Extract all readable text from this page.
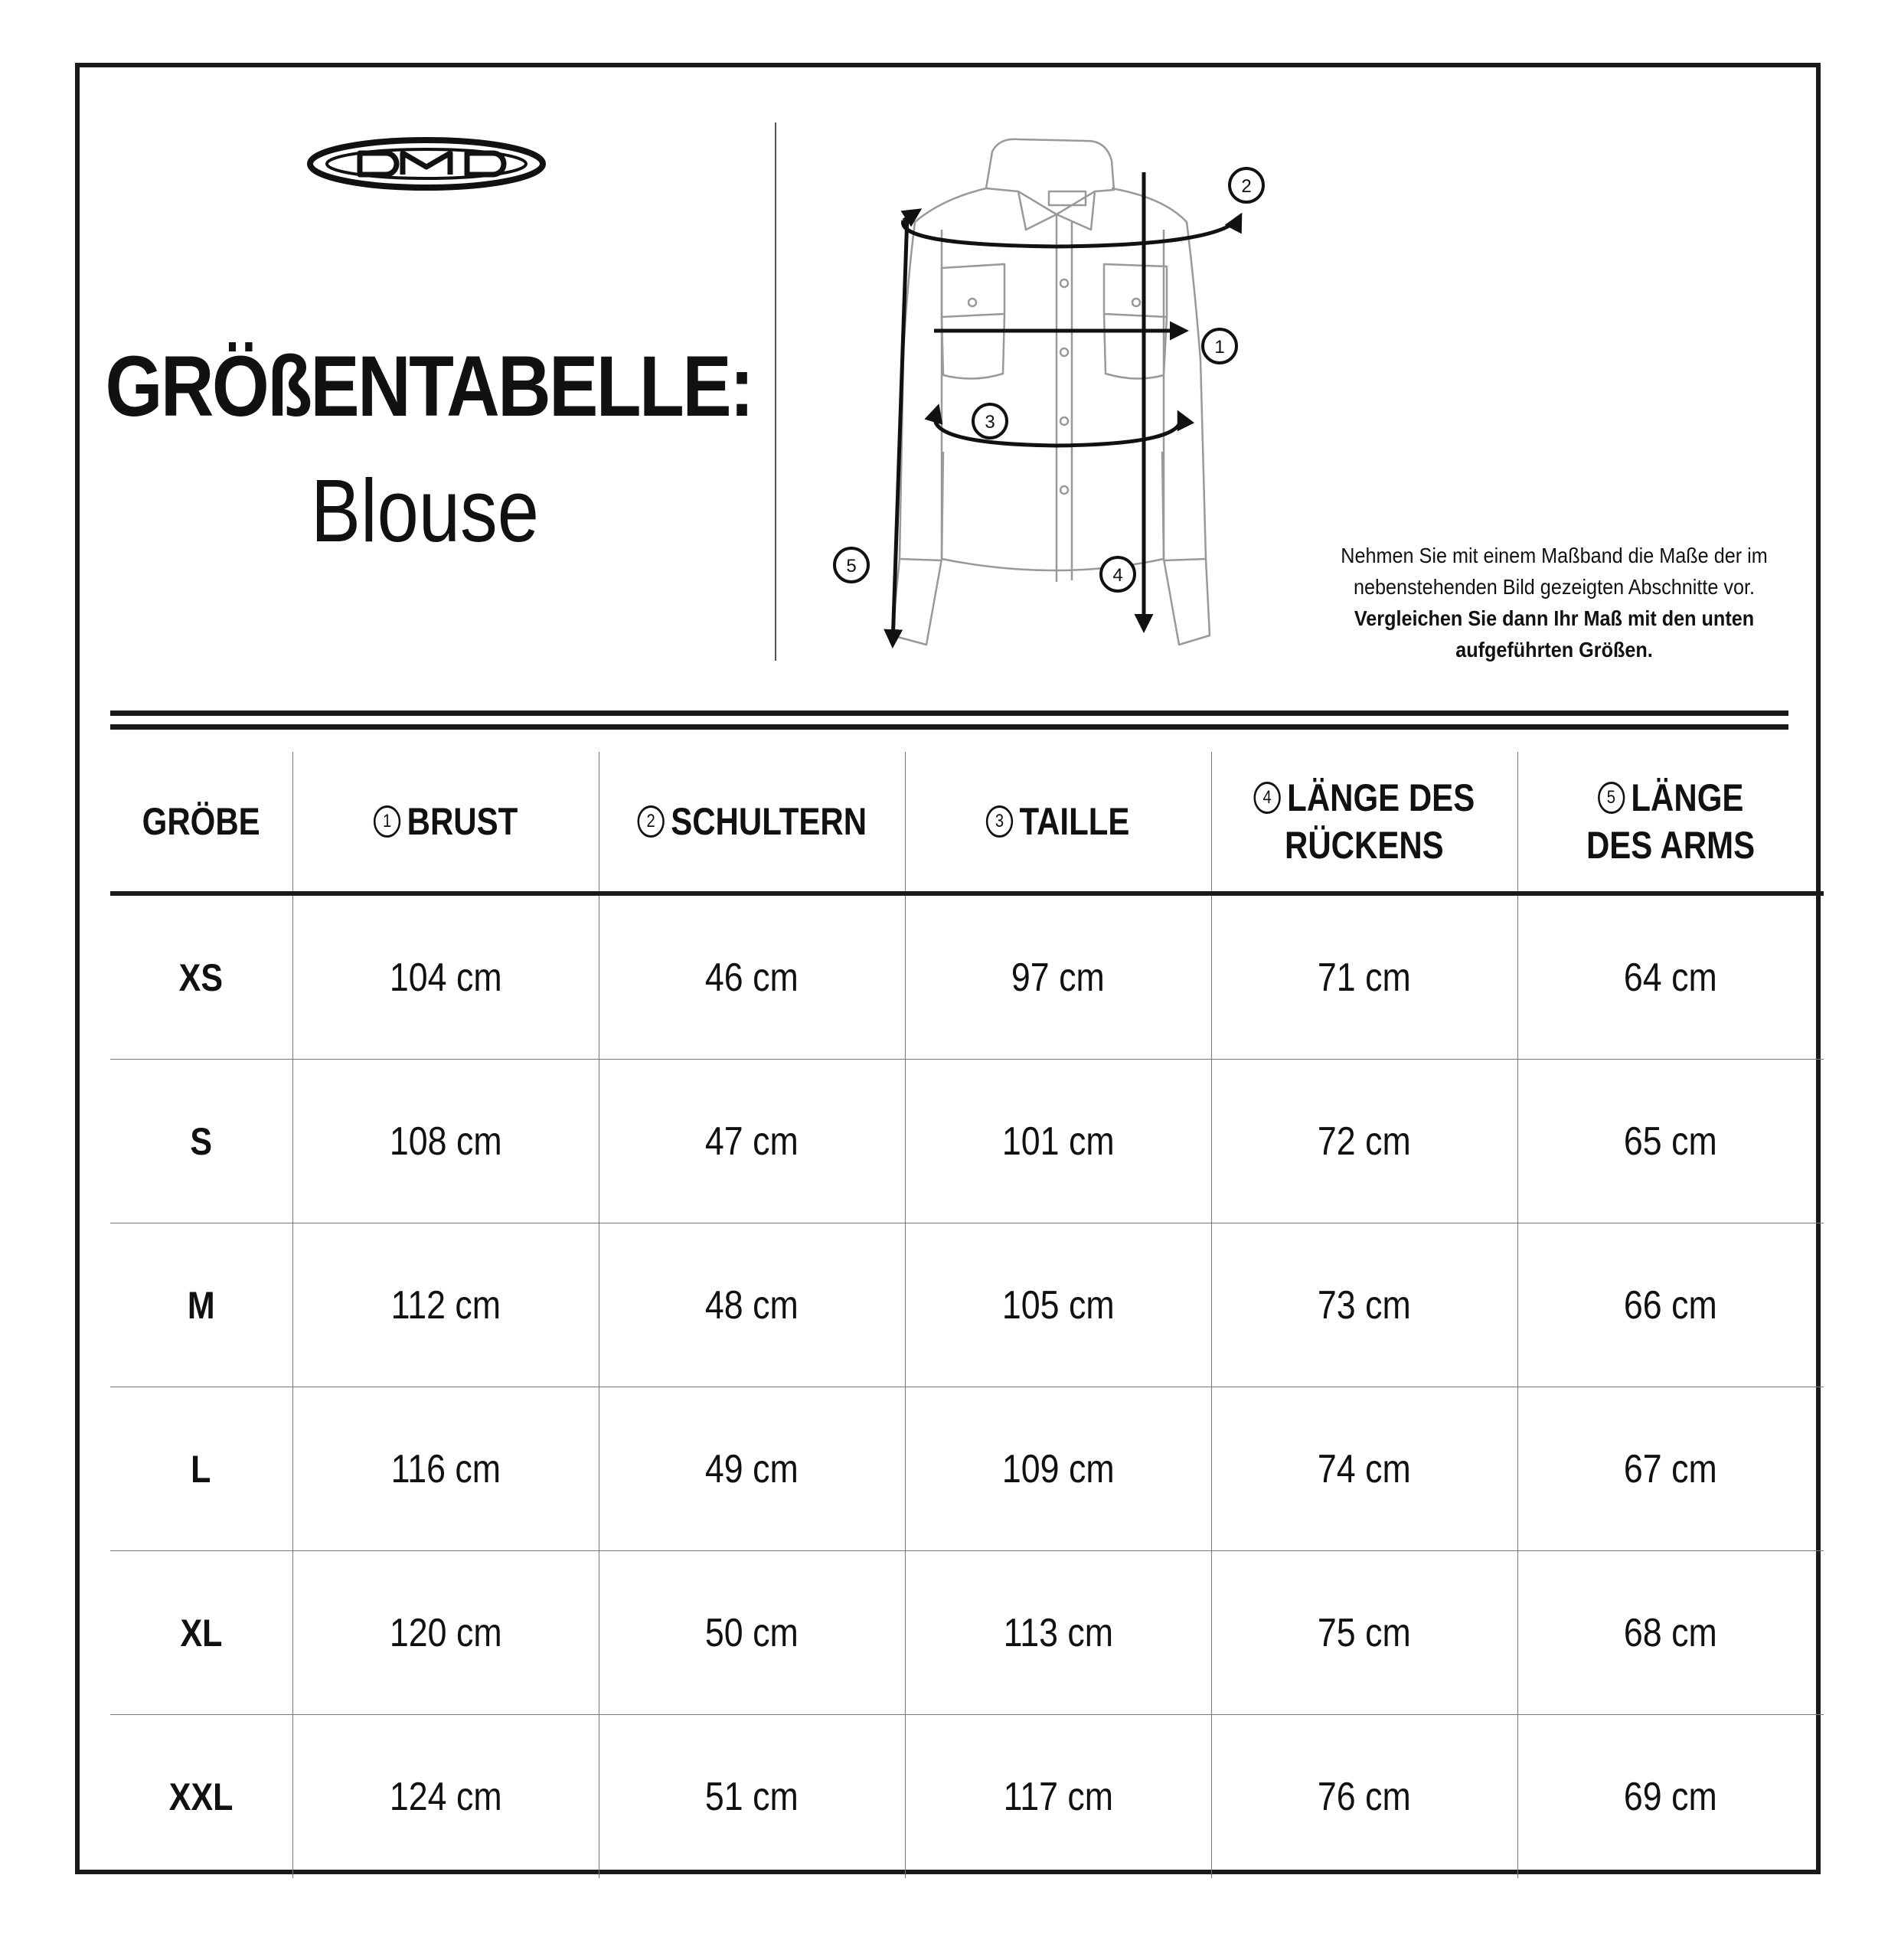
GRÖßENTABELLE:
Blouse
1
2
3
4
5	Nehmen Sie mit einem Maßband die Maße der im
nebenstehenden Bild gezeigten Abschnitte vor.
Vergleichen Sie dann Ihr Maß mit den unten
aufgeführten Größen.
GRÖBE	1 BRUST	2 SCHULTERN	3 TAILLE	4 LÄNGE DES
RÜCKENS	5 LÄNGE
DES ARMS
XS	104 cm	46 cm	97 cm	71 cm	64 cm
S	108 cm	47 cm	101 cm	72 cm	65 cm
M	112 cm	48 cm	105 cm	73 cm	66 cm
L	116 cm	49 cm	109 cm	74 cm	67 cm
XL	120 cm	50 cm	113 cm	75 cm	68 cm
XXL	124 cm	51 cm	117 cm	76 cm	69 cm
